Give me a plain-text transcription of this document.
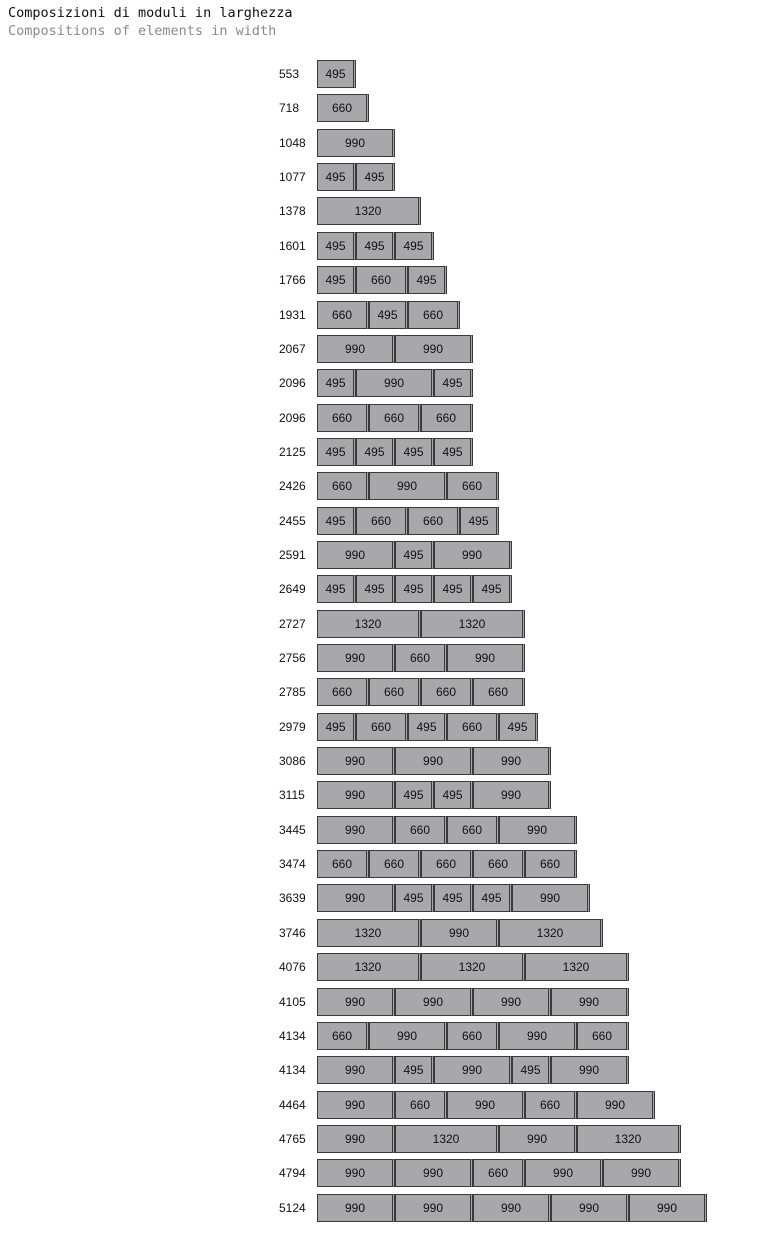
Composizioni di moduli in larghezza
Compositions of elements in width
553	495
718	660
1048	990
1077	495	495
1378	1320
1601	495	495	495
1766	495	660	495
1931	660	495	660
2067	990	990
2096	495	990	495
2096	660	660	660
2125	495	495	495	495
2426	660	990	660
2455	495	660	660	495
2591	990	495	990
2649	495	495	495	495	495
2727	1320	1320
2756	990	660	990
2785	660	660	660	660
2979	495	660	495	660	495
3086	990	990	990
3115	990	495	495	990
3445	990	660	660	990
3474	660	660	660	660	660
3639	990	495	495	495	990
3746	1320	990	1320
4076	1320	1320	1320
4105	990	990	990	990
4134	660	990	660	990	660
4134	990	495	990	495	990
4464	990	660	990	660	990
4765	990	1320	990	1320
4794	990	990	660	990	990
5124	990	990	990	990	990
